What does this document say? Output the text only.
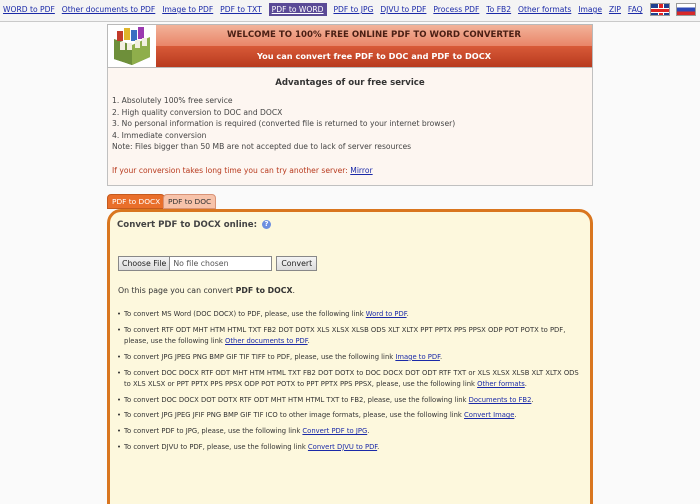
WORD to PDF Other documents to PDF Image to PDF PDF to TXT PDF to WORD PDF to JPG DJVU to PDF Process PDF To FB2 Other formats Image ZIP FAQ
WELCOME TO 100% FREE ONLINE PDF TO WORD CONVERTER
You can convert free PDF to DOC and PDF to DOCX
Advantages of our free service
1. Absolutely 100% free service
2. High quality conversion to DOC and DOCX
3. No personal information is required (converted file is returned to your internet browser)
4. Immediate conversion
Note: Files bigger than 50 MB are not accepted due to lack of server resources
If your conversion takes long time you can try another server: Mirror
PDF to DOCX	PDF to DOC
Convert PDF to DOCX online: ?
Choose File No file chosen	Convert
On this page you can convert PDF to DOCX.
• To convert MS Word (DOC DOCX) to PDF, please, use the following link Word to PDF.
• To convert RTF ODT MHT HTM HTML TXT FB2 DOT DOTX XLS XLSX XLSB ODS XLT XLTX PPT PPTX PPS PPSX ODP POT POTX to PDF, please, use the following link Other documents to PDF.
• To convert JPG JPEG PNG BMP GIF TIF TIFF to PDF, please, use the following link Image to PDF.
• To convert DOC DOCX RTF ODT MHT HTM HTML TXT FB2 DOT DOTX to DOC DOCX DOT ODT RTF TXT or XLS XLSX XLSB XLT XLTX ODS to XLS XLSX or PPT PPTX PPS PPSX ODP POT POTX to PPT PPTX PPS PPSX, please, use the following link Other formats.
• To convert DOC DOCX DOT DOTX RTF ODT MHT HTM HTML TXT to FB2, please, use the following link Documents to FB2.
• To convert JPG JPEG JFIF PNG BMP GIF TIF ICO to other image formats, please, use the following link Convert Image.
• To convert PDF to JPG, please, use the following link Convert PDF to JPG.
• To convert DJVU to PDF, please, use the following link Convert DJVU to PDF.
